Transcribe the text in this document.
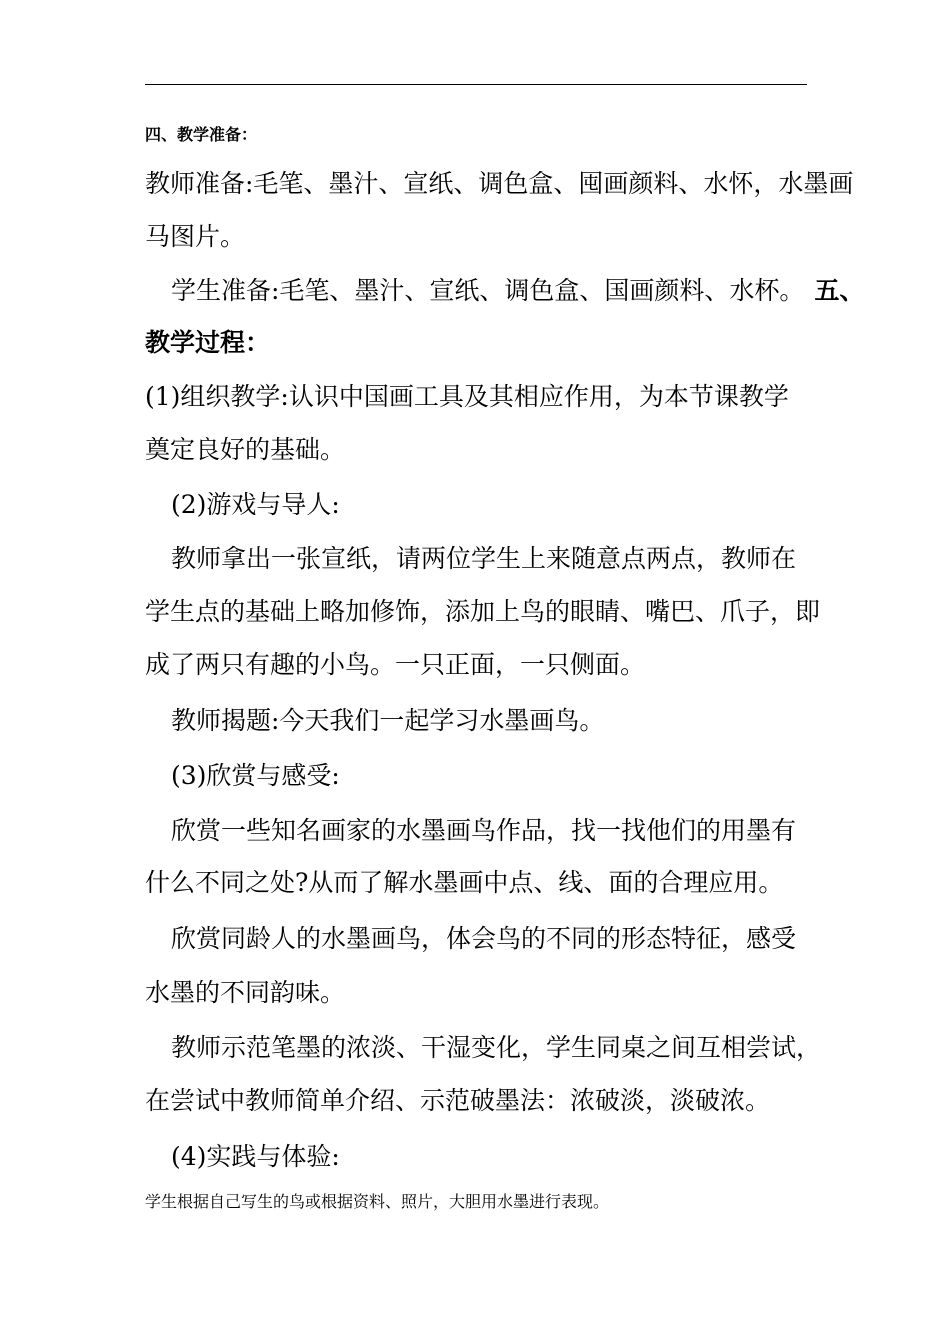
四、教学准备：
教师准备:毛笔、墨汁、宣纸、调色盒、囤画颜料、水怀，水墨画
马图片。
学生准备:毛笔、墨汁、宣纸、调色盒、国画颜料、水杯。 五、
教学过程：
(1)组织教学:认识中国画工具及其相应作用，为本节课教学
奠定良好的基础。
(2)游戏与导人:
教师拿出一张宣纸，请两位学生上来随意点两点，教师在
学生点的基础上略加修饰，添加上鸟的眼睛、嘴巴、爪子，即
成了两只有趣的小鸟。一只正面，一只侧面。
教师揭题:今天我们一起学习水墨画鸟。
(3)欣赏与感受:
欣赏一些知名画家的水墨画鸟作品，找一找他们的用墨有
什么不同之处?从而了解水墨画中点、线、面的合理应用。
欣赏同龄人的水墨画鸟，体会鸟的不同的形态特征，感受
水墨的不同韵味。
教师示范笔墨的浓淡、干湿变化，学生同桌之间互相尝试，
在尝试中教师简单介绍、示范破墨法：浓破淡，淡破浓。
(4)实践与体验:
学生根据自己写生的鸟或根据资料、照片，大胆用水墨进行表现。
